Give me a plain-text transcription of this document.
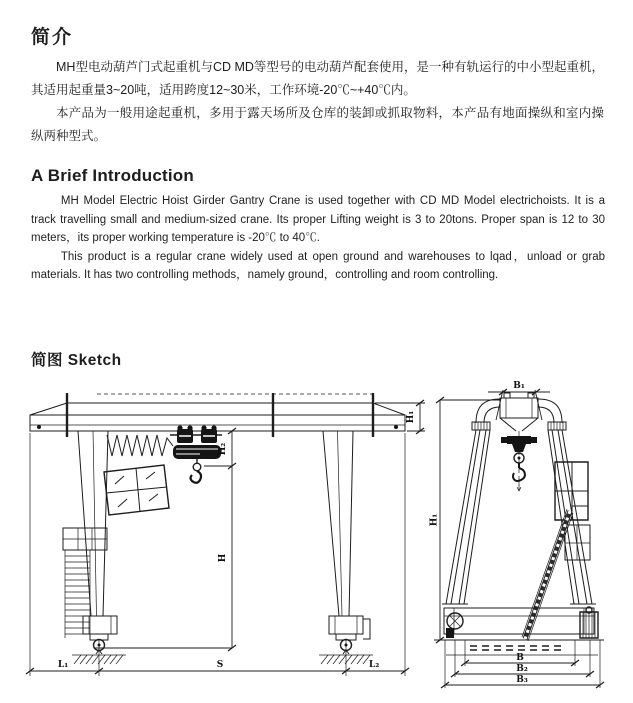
简介

MH型电动葫芦门式起重机与CD MD等型号的电动葫芦配套使用，是一种有轨运行的中小型起重机，其适用起重量3~20吨，适用跨度12~30米，工作环境-20℃~+40℃内。

本产品为一般用途起重机，多用于露天场所及仓库的装卸或抓取物料，本产品有地面操纵和室内操纵两种型式。

A Brief Introduction

MH Model Electric Hoist Girder Gantry Crane is used together with CD MD Model electrichoists. It is a track travelling small and medium-sized crane. Its proper Lifting weight is 3 to 20tons. Proper span is 12 to 30 meters，its proper working temperature is -20℃ to 40℃.

This product is a regular crane widely used at open ground and warehouses to lqad，unload or grab materials. It has two controlling methods，namely ground，controlling and room controlling.

简图 Sketch
H₁
H₂
H
L₁	S	L₂
B₁
H₁
B
B₂
B₃
